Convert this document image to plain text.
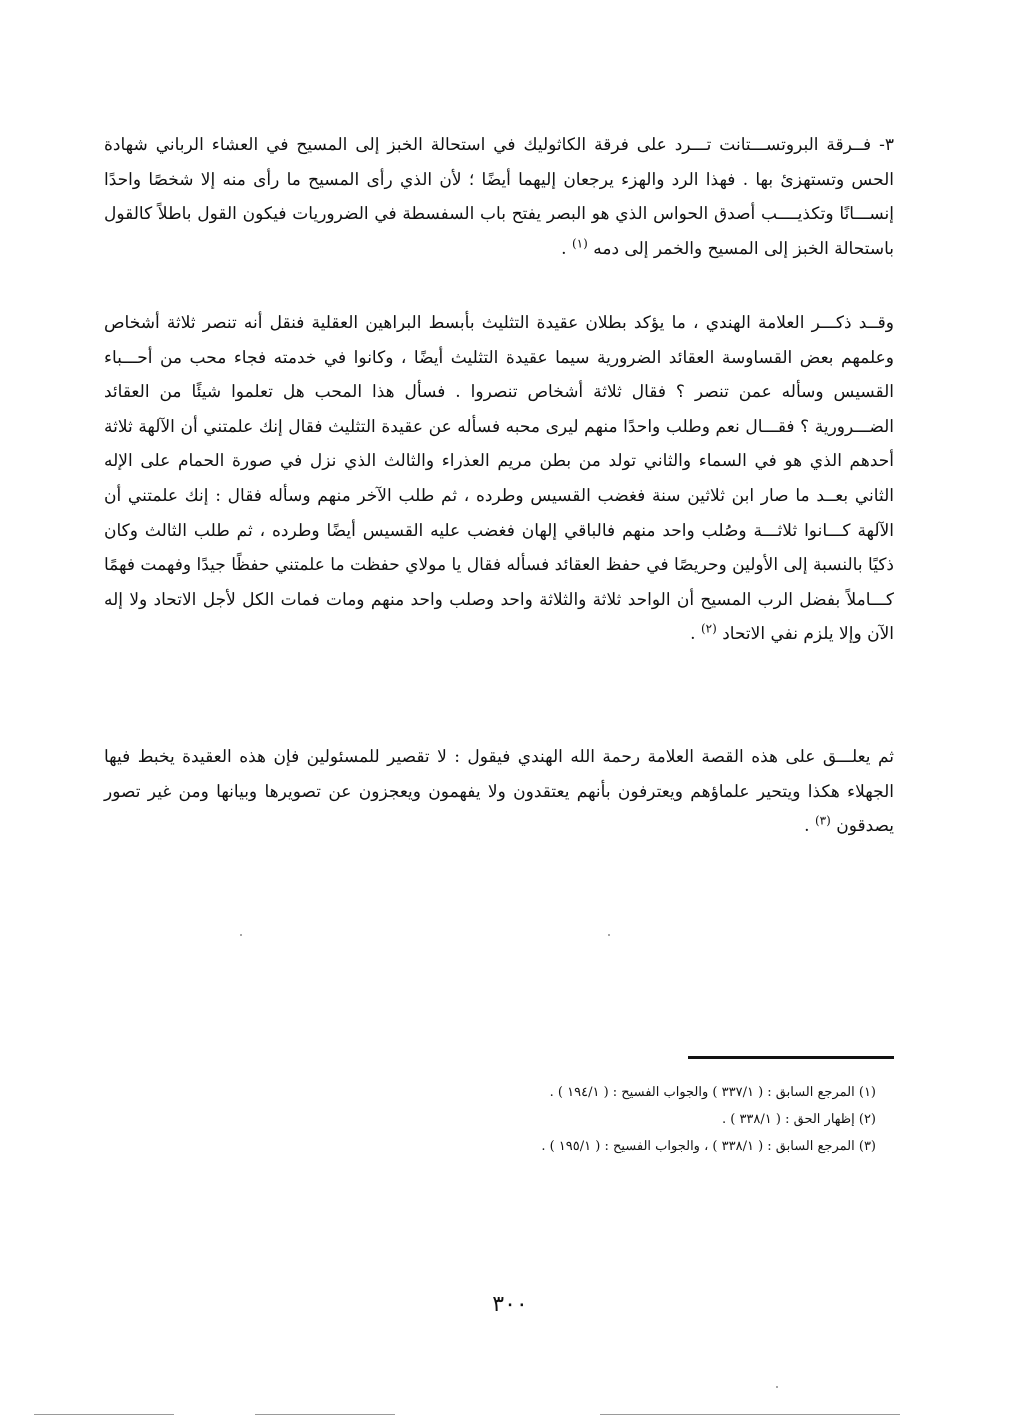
٣- فــرقة البروتســـتانت تـــرد على فرقة الكاثوليك في استحالة الخبز إلى المسيح في العشاء الرباني شهادة الحس وتستهزئ بها . فهذا الرد والهزء يرجعان إليهما أيضًا ؛ لأن الذي رأى المسيح ما رأى منه إلا شخصًا واحدًا إنســـانًا وتكذيــــب أصدق الحواس الذي هو البصر يفتح باب السفسطة في الضروريات فيكون القول باطلاً كالقول باستحالة الخبز إلى المسيح والخمر إلى دمه $^{(١)}$ .

وقــد ذكـــر العلامة الهندي ، ما يؤكد بطلان عقيدة التثليث بأبسط البراهين العقلية فنقل أنه تنصر ثلاثة أشخاص وعلمهم بعض القساوسة العقائد الضرورية سيما عقيدة التثليث أيضًا ، وكانوا في خدمته فجاء محب من أحـــباء القسيس وسأله عمن تنصر ؟ فقال ثلاثة أشخاص تنصروا . فسأل هذا المحب هل تعلموا شيئًا من العقائد الضـــرورية ؟ فقـــال نعم وطلب واحدًا منهم ليرى محبه فسأله عن عقيدة التثليث فقال إنك علمتني أن الآلهة ثلاثة أحدهم الذي هو في السماء والثاني تولد من بطن مريم العذراء والثالث الذي نزل في صورة الحمام على الإله الثاني بعــد ما صار ابن ثلاثين سنة فغضب القسيس وطرده ، ثم طلب الآخر منهم وسأله فقال : إنك علمتني أن الآلهة كـــانوا ثلاثـــة وصُلب واحد منهم فالباقي إلهان فغضب عليه القسيس أيضًا وطرده ، ثم طلب الثالث وكان ذكيًا بالنسبة إلى الأولين وحريصًا في حفظ العقائد فسأله فقال يا مولاي حفظت ما علمتني حفظًا جيدًا وفهمت فهمًا كـــاملاً بفضل الرب المسيح أن الواحد ثلاثة والثلاثة واحد وصلب واحد منهم ومات فمات الكل لأجل الاتحاد ولا إله الآن وإلا يلزم نفي الاتحاد $^{(٢)}$ .

ثم يعلـــق على هذه القصة العلامة رحمة الله الهندي فيقول : لا تقصير للمسئولين فإن هذه العقيدة يخبط فيها الجهلاء هكذا ويتحير علماؤهم ويعترفون بأنهم يعتقدون ولا يفهمون ويعجزون عن تصويرها وبيانها ومن غير تصور يصدقون $^{(٣)}$ .

(١) المرجع السابق : ( ٣٣٧/١ ) والجواب الفسيح : ( ١٩٤/١ ) .
(٢) إظهار الحق : ( ٣٣٨/١ ) .
(٣) المرجع السابق : ( ٣٣٨/١ ) ، والجواب الفسيح : ( ١٩٥/١ ) .
٣٠٠
